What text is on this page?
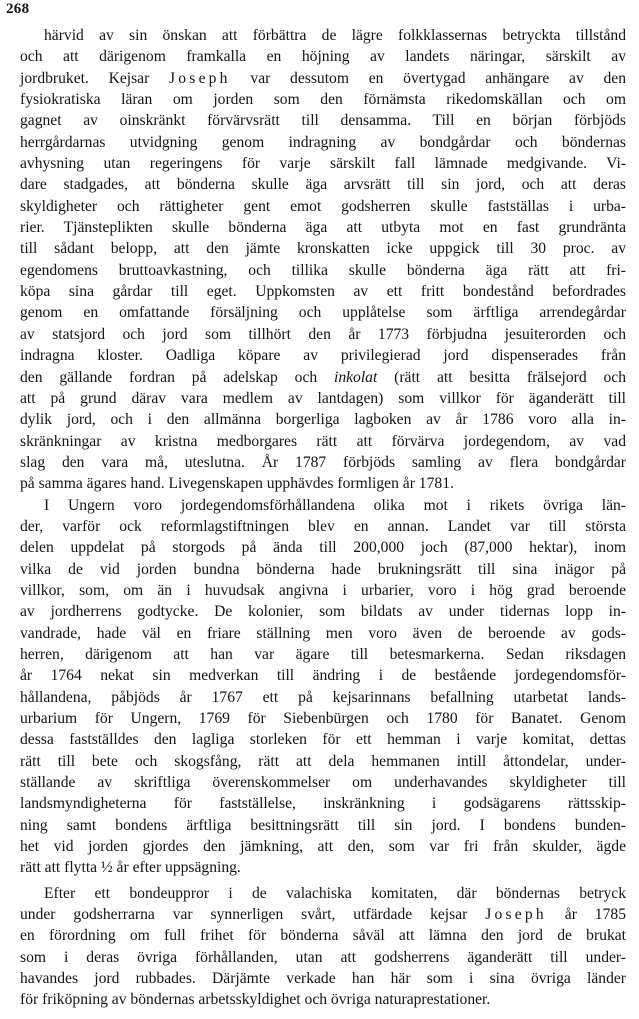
268
härvid av sin önskan att förbättra de lägre folkklassernas betryckta tillstånd
och att därigenom framkalla en höjning av landets näringar, särskilt av
jordbruket. Kejsar Joseph var dessutom en övertygad anhängare av den
fysiokratiska läran om jorden som den förnämsta rikedomskällan och om
gagnet av oinskränkt förvärvsrätt till densamma. Till en början förbjöds
herrgårdarnas utvidgning genom indragning av bondgårdar och böndernas
avhysning utan regeringens för varje särskilt fall lämnade medgivande. Vi-
dare stadgades, att bönderna skulle äga arvsrätt till sin jord, och att deras
skyldigheter och rättigheter gent emot godsherren skulle fastställas i urba-
rier. Tjänsteplikten skulle bönderna äga att utbyta mot en fast grundränta
till sådant belopp, att den jämte kronskatten icke uppgick till 30 proc. av
egendomens bruttoavkastning, och tillika skulle bönderna äga rätt att fri-
köpa sina gårdar till eget. Uppkomsten av ett fritt bondestånd befordrades
genom en omfattande försäljning och upplåtelse som ärftliga arrendegårdar
av statsjord och jord som tillhört den år 1773 förbjudna jesuiterorden och
indragna kloster. Oadliga köpare av privilegierad jord dispenserades från
den gällande fordran på adelskap och inkolat (rätt att besitta frälsejord och
att på grund därav vara medlem av lantdagen) som villkor för äganderätt till
dylik jord, och i den allmänna borgerliga lagboken av år 1786 voro alla in-
skränkningar av kristna medborgares rätt att förvärva jordegendom, av vad
slag den vara må, uteslutna. År 1787 förbjöds samling av flera bondgårdar
på samma ägares hand. Livegenskapen upphävdes formligen år 1781.
I Ungern voro jordegendomsförhållandena olika mot i rikets övriga län-
der, varför ock reformlagstiftningen blev en annan. Landet var till största
delen uppdelat på storgods på ända till 200,000 joch (87,000 hektar), inom
vilka de vid jorden bundna bönderna hade brukningsrätt till sina inägor på
villkor, som, om än i huvudsak angivna i urbarier, voro i hög grad beroende
av jordherrens godtycke. De kolonier, som bildats av under tidernas lopp in-
vandrade, hade väl en friare ställning men voro även de beroende av gods-
herren, därigenom att han var ägare till betesmarkerna. Sedan riksdagen
år 1764 nekat sin medverkan till ändring i de bestående jordegendomsför-
hållandena, påbjöds år 1767 ett på kejsarinnans befallning utarbetat lands-
urbarium för Ungern, 1769 för Siebenbürgen och 1780 för Banatet. Genom
dessa fastställdes den lagliga storleken för ett hemman i varje komitat, dettas
rätt till bete och skogsfång, rätt att dela hemmanen intill åttondelar, under-
ställande av skriftliga överenskommelser om underhavandes skyldigheter till
landsmyndigheterna för fastställelse, inskränkning i godsägarens rättsskip-
ning samt bondens ärftliga besittningsrätt till sin jord. I bondens bunden-
het vid jorden gjordes den jämkning, att den, som var fri från skulder, ägde
rätt att flytta ½ år efter uppsägning.
Efter ett bondeuppror i de valachiska komitaten, där böndernas betryck
under godsherrarna var synnerligen svårt, utfärdade kejsar Joseph år 1785
en förordning om full frihet för bönderna såväl att lämna den jord de brukat
som i deras övriga förhållanden, utan att godsherrens äganderätt till under-
havandes jord rubbades. Därjämte verkade han här som i sina övriga länder
för friköpning av böndernas arbetsskyldighet och övriga naturaprestationer.
